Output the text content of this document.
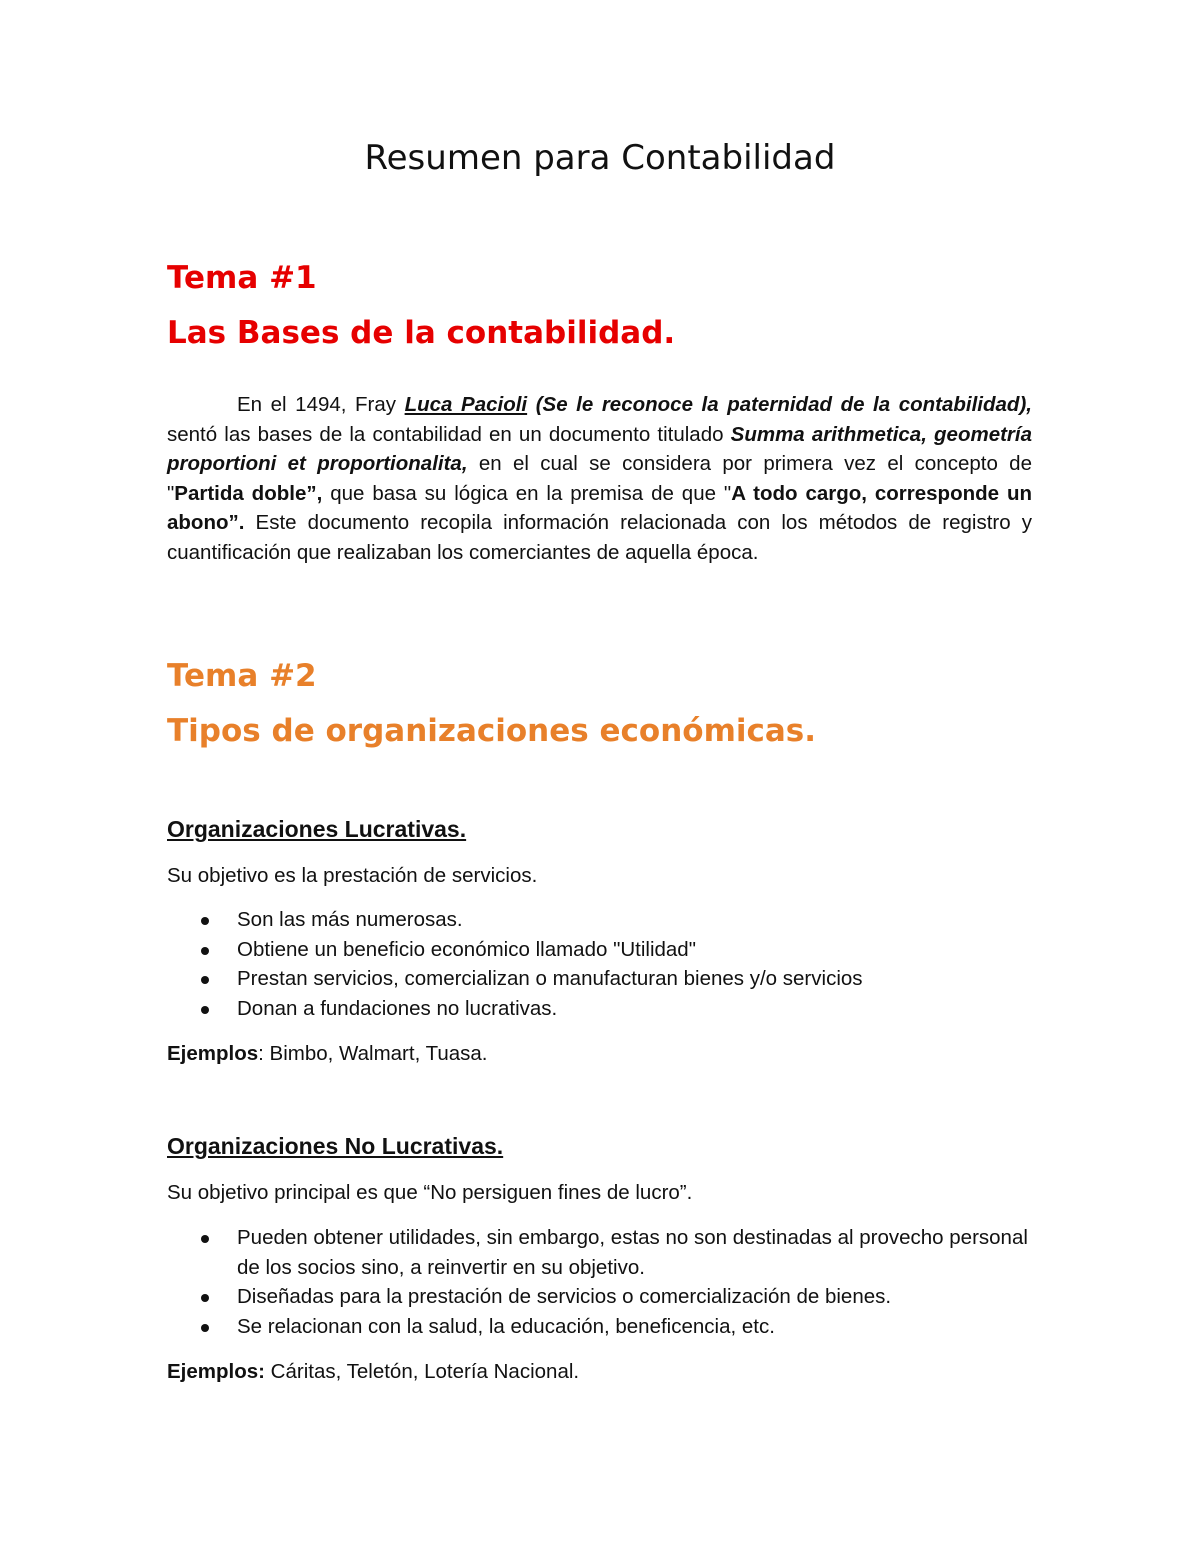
Resumen para Contabilidad
Tema #1
Las Bases de la contabilidad.
En el 1494, Fray Luca Pacioli (Se le reconoce la paternidad de la contabilidad), sentó las bases de la contabilidad en un documento titulado Summa arithmetica, geometría proportioni et proportionalita, en el cual se considera por primera vez el concepto de "Partida doble”, que basa su lógica en la premisa de que "A todo cargo, corresponde un abono”. Este documento recopila información relacionada con los métodos de registro y cuantificación que realizaban los comerciantes de aquella época.
Tema #2
Tipos de organizaciones económicas.
Organizaciones Lucrativas.
Su objetivo es la prestación de servicios.
Son las más numerosas.
Obtiene un beneficio económico llamado "Utilidad"
Prestan servicios, comercializan o manufacturan bienes y/o servicios
Donan a fundaciones no lucrativas.
Ejemplos: Bimbo, Walmart, Tuasa.
Organizaciones No Lucrativas.
Su objetivo principal es que “No persiguen fines de lucro”.
Pueden obtener utilidades, sin embargo, estas no son destinadas al provecho personal de los socios sino, a reinvertir en su objetivo.
Diseñadas para la prestación de servicios o comercialización de bienes.
Se relacionan con la salud, la educación, beneficencia, etc.
Ejemplos: Cáritas, Teletón, Lotería Nacional.
